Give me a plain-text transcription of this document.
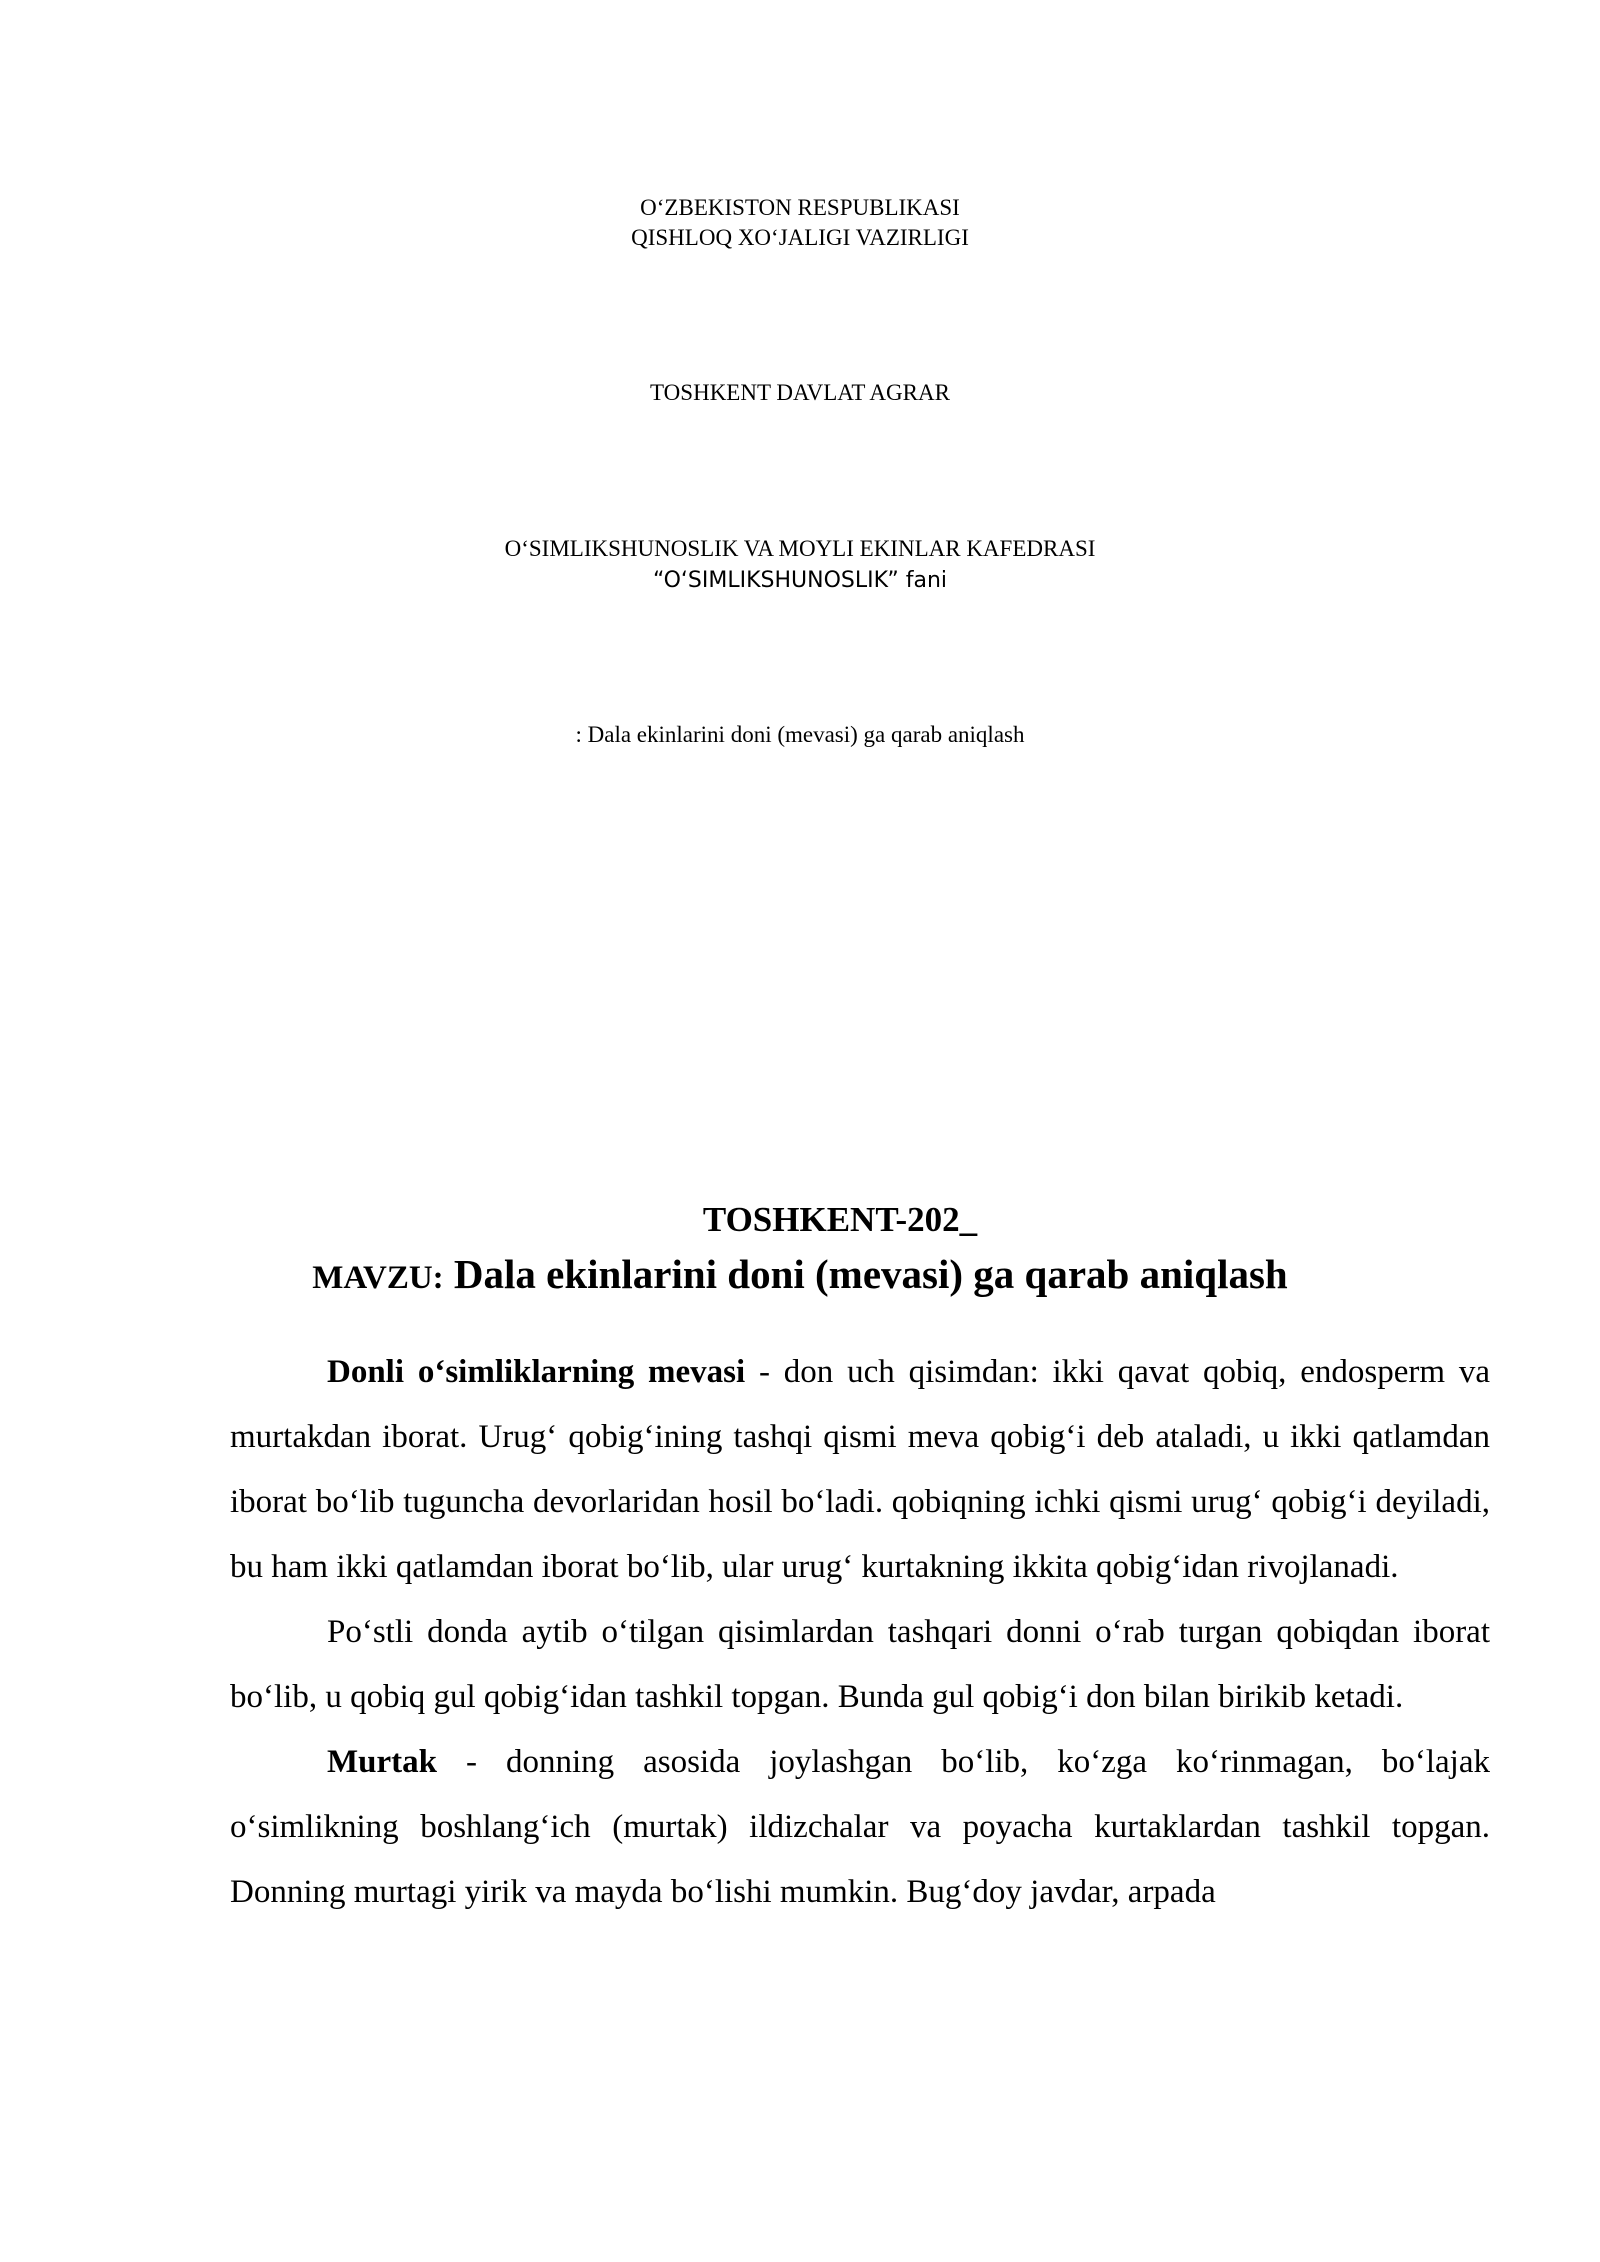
O‘ZBEKISTON RESPUBLIKASI
QISHLOQ XO‘JALIGI VAZIRLIGI
TOSHKENT DAVLAT AGRAR
O‘SIMLIKSHUNOSLIK VA MOYLI EKINLAR KAFEDRASI
“O‘SIMLIKSHUNOSLIK” fani
: Dala ekinlarini doni (mevasi) ga qarab aniqlash
TOSHKENT-202_
MAVZU: Dala ekinlarini doni (mevasi) ga qarab aniqlash

Donli o‘simliklarning mevasi - don uch qisimdan: ikki qavat qobiq, endosperm va murtakdan iborat. Urug‘ qobig‘ining tashqi qismi meva qobig‘i deb ataladi, u ikki qatlamdan iborat bo‘lib tuguncha devorlaridan hosil bo‘ladi. qobiqning ichki qismi urug‘ qobig‘i deyiladi, bu ham ikki qatlamdan iborat bo‘lib, ular urug‘ kurtakning ikkita qobig‘idan rivojlanadi.

Po‘stli donda aytib o‘tilgan qisimlardan tashqari donni o‘rab turgan qobiqdan iborat bo‘lib, u qobiq gul qobig‘idan tashkil topgan. Bunda gul qobig‘i don bilan birikib ketadi.

Murtak - donning asosida joylashgan bo‘lib, ko‘zga ko‘rinmagan, bo‘lajak o‘simlikning boshlang‘ich (murtak) ildizchalar va poyacha kurtaklardan tashkil topgan. Donning murtagi yirik va mayda bo‘lishi mumkin. Bug‘doy javdar, arpada
